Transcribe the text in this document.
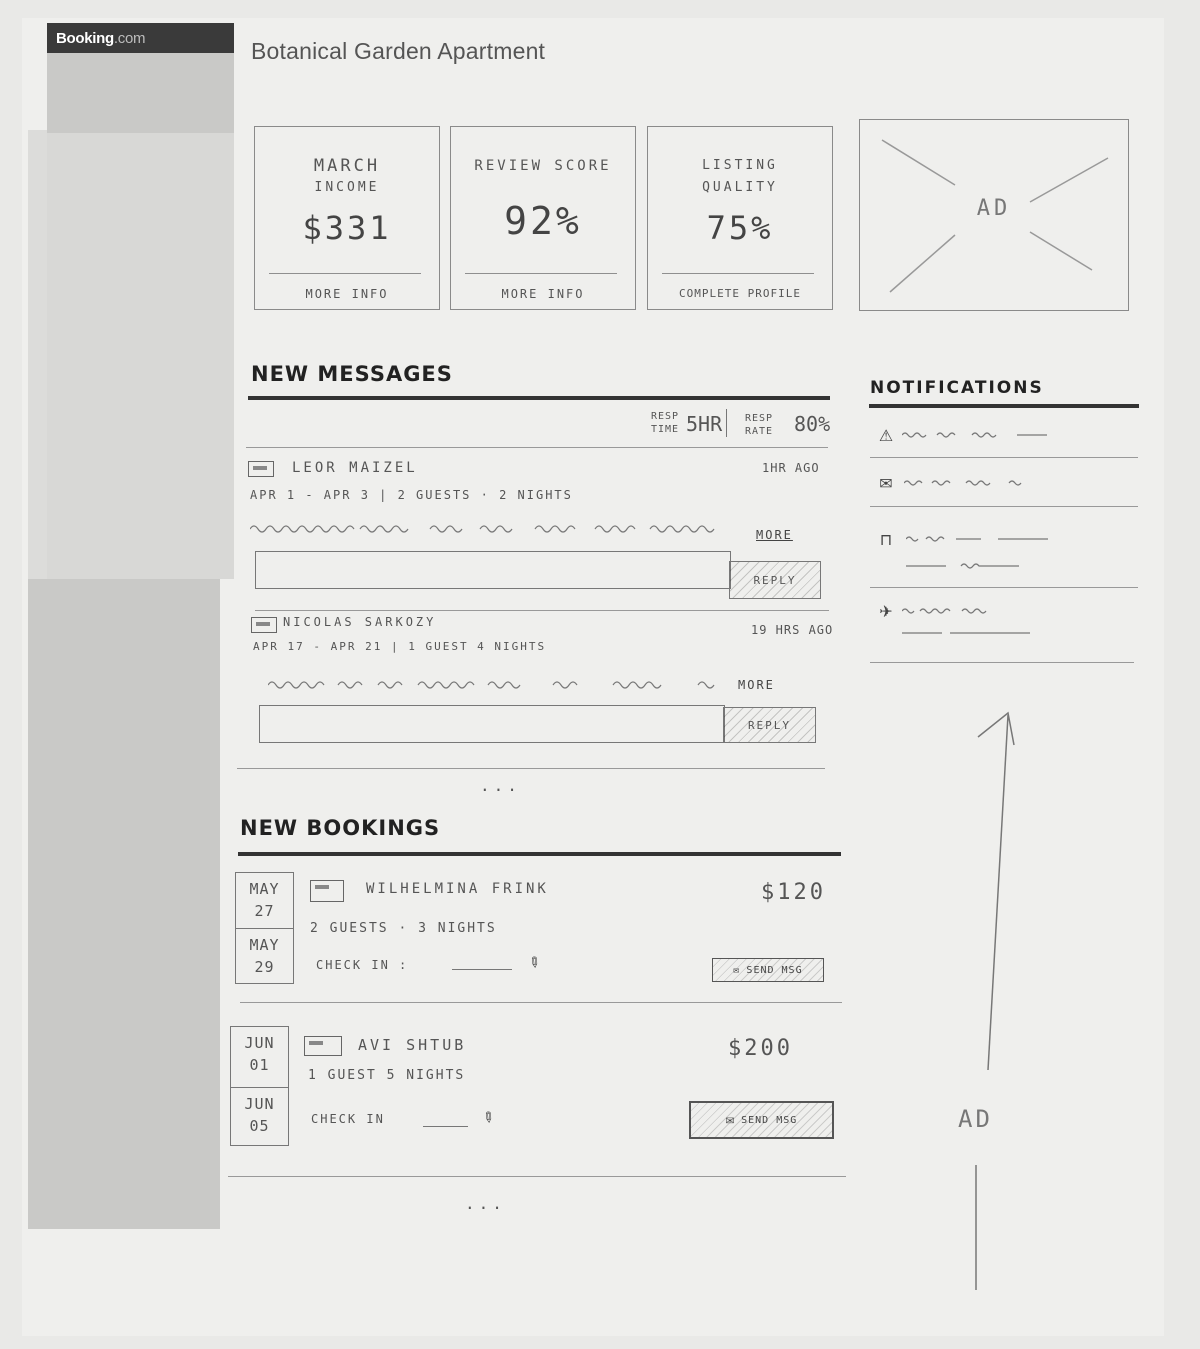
Booking.com	Botanical Garden Apartment
MARCH
INCOME
$331
MORE INFO
REVIEW SCORE
92%
MORE INFO
LISTING
QUALITY
75%
COMPLETE PROFILE
AD
NEW MESSAGES
RESP
TIME 5HR RESP
RATE 80%
LEOR MAIZEL	1HR AGO
APR 1 - APR 3 | 2 GUESTS · 2 NIGHTS
MORE
REPLY
NICOLAS SARKOZY
19 HRS AGO
APR 17 - APR 21 | 1 GUEST 4 NIGHTS
MORE
REPLY
...
NEW BOOKINGS
MAY
27
MAY
29
WILHELMINA FRINK	$120
2 GUESTS · 3 NIGHTS
CHECK IN :	✎	✉ SEND MSG
JUN
01
JUN
05
AVI SHTUB	$200
1 GUEST 5 NIGHTS
CHECK IN	✎	✉ SEND MSG
...
NOTIFICATIONS
⚠
✉
⊓
✈
AD
